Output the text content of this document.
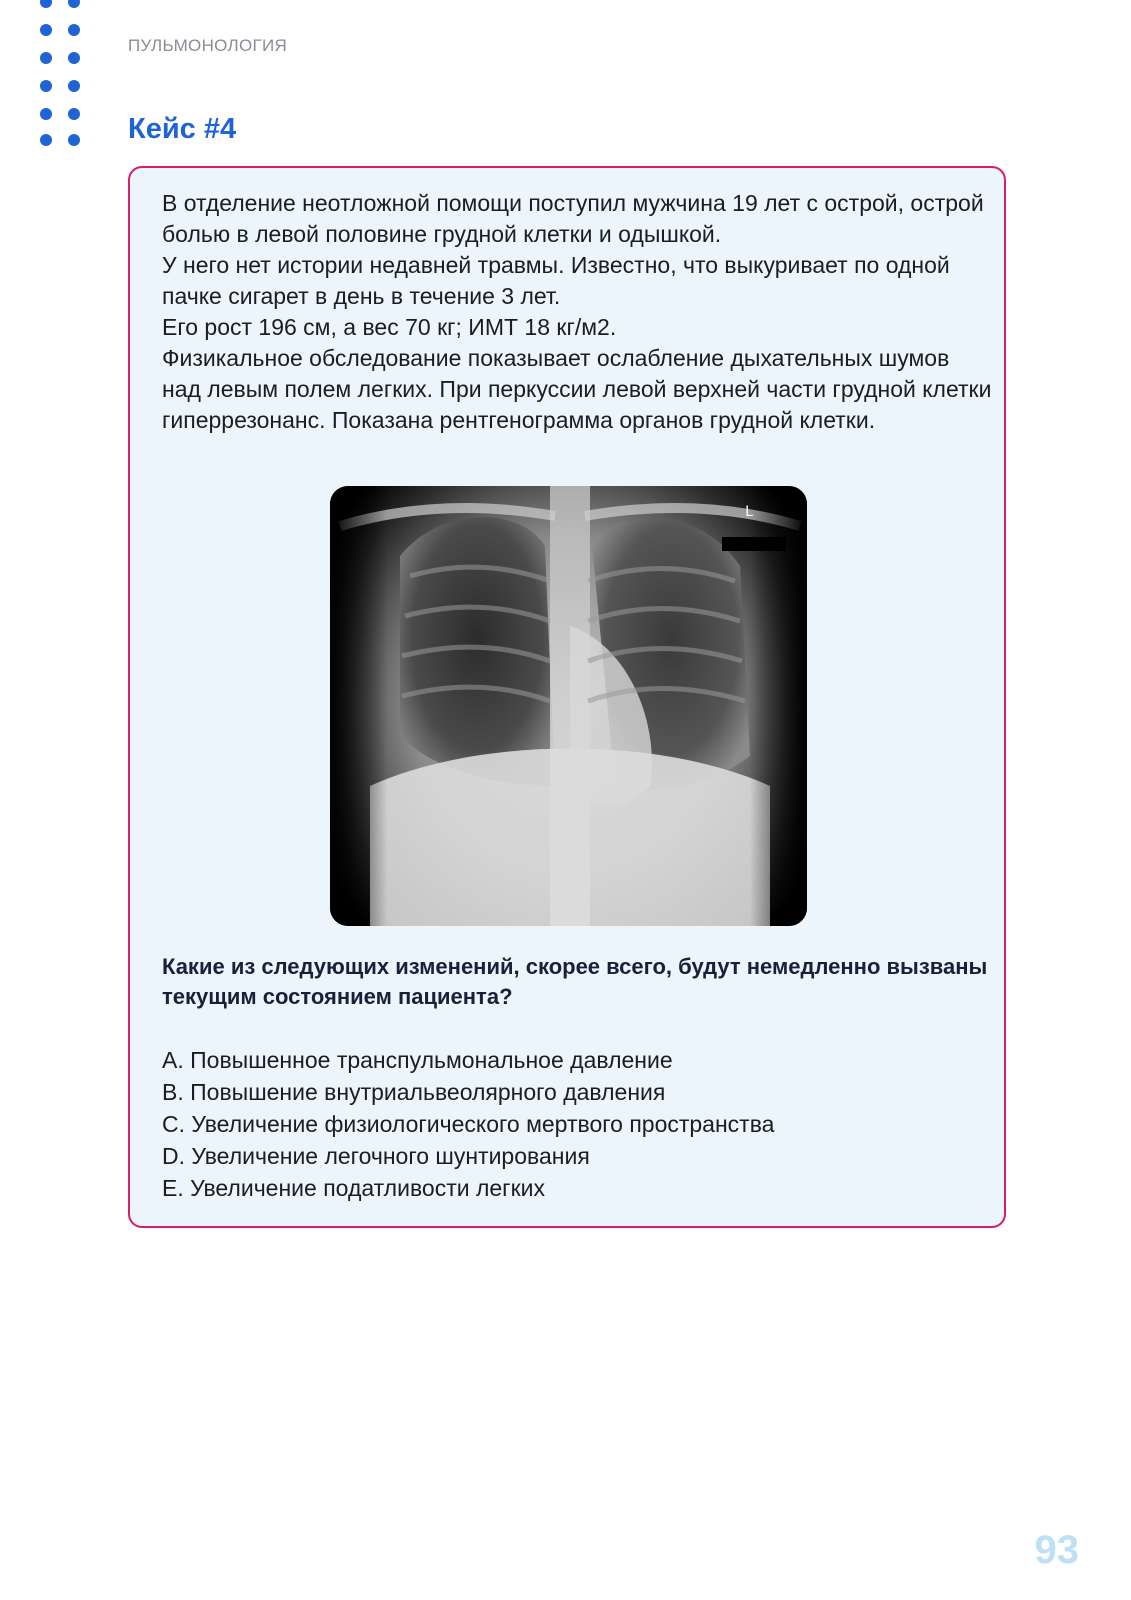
ПУЛЬМОНОЛОГИЯ
Кейс #4

В отделение неотложной помощи поступил мужчина 19 лет с острой, острой болью в левой половине грудной клетки и одышкой.

У него нет истории недавней травмы. Известно, что выкуривает по одной пачке сигарет в день в течение 3 лет.

Его рост 196 см, а вес 70 кг; ИМТ 18 кг/м2.

Физикальное обследование показывает ослабление дыхательных шумов над левым полем легких. При перкуссии левой верхней части грудной клетки гиперрезонанс. Показана рентгенограмма органов грудной клетки.

L
Какие из следующих изменений, скорее всего, будут немедленно вызваны текущим состоянием пациента?
A. Повышенное транспульмональное давление
B. Повышение внутриальвеолярного давления
C. Увеличение физиологического мертвого пространства
D. Увеличение легочного шунтирования
E. Увеличение податливости легких
93
